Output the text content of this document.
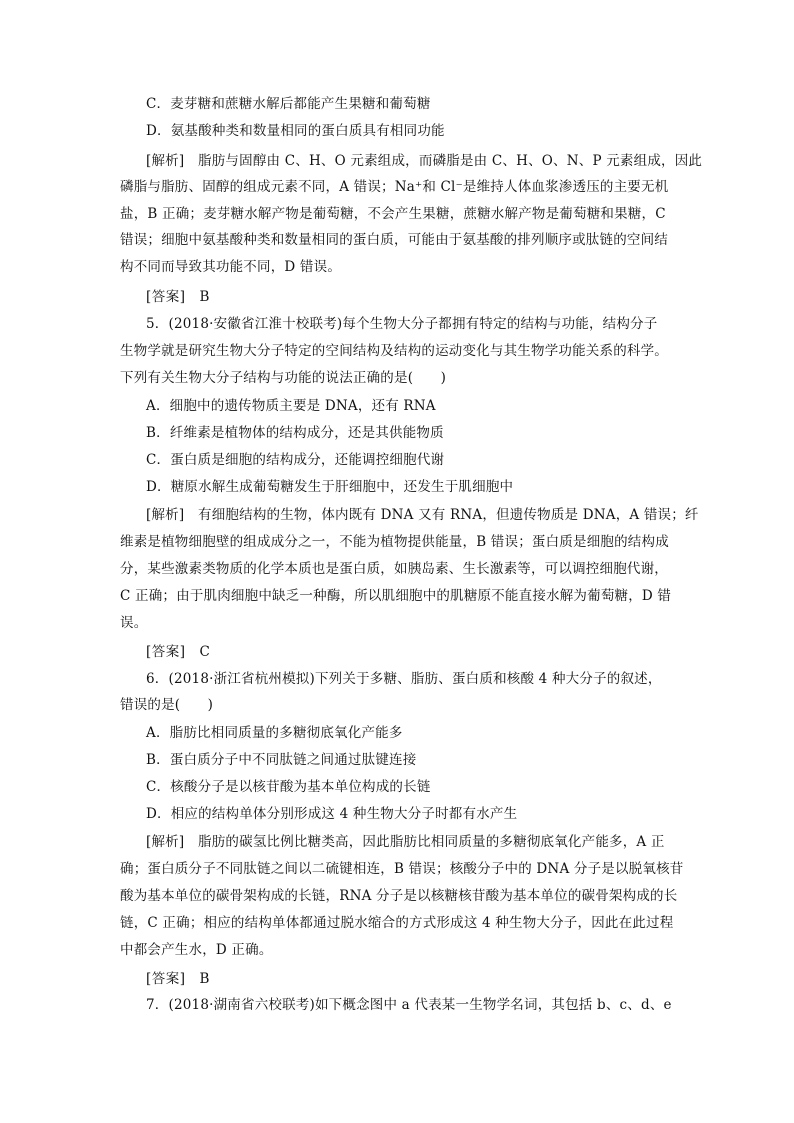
C．麦芽糖和蔗糖水解后都能产生果糖和葡萄糖
D．氨基酸种类和数量相同的蛋白质具有相同功能
[解析]　脂肪与固醇由 C、H、O 元素组成，而磷脂是由 C、H、O、N、P 元素组成，因此
磷脂与脂肪、固醇的组成元素不同，A 错误；Na⁺和 Cl⁻是维持人体血浆渗透压的主要无机
盐，B 正确；麦芽糖水解产物是葡萄糖，不会产生果糖，蔗糖水解产物是葡萄糖和果糖，C
错误；细胞中氨基酸种类和数量相同的蛋白质，可能由于氨基酸的排列顺序或肽链的空间结
构不同而导致其功能不同，D 错误。
[答案]　B
5．(2018·安徽省江淮十校联考)每个生物大分子都拥有特定的结构与功能，结构分子
生物学就是研究生物大分子特定的空间结构及结构的运动变化与其生物学功能关系的科学。
下列有关生物大分子结构与功能的说法正确的是(　　)
A．细胞中的遗传物质主要是 DNA，还有 RNA
B．纤维素是植物体的结构成分，还是其供能物质
C．蛋白质是细胞的结构成分，还能调控细胞代谢
D．糖原水解生成葡萄糖发生于肝细胞中，还发生于肌细胞中
[解析]　有细胞结构的生物，体内既有 DNA 又有 RNA，但遗传物质是 DNA，A 错误；纤
维素是植物细胞壁的组成成分之一，不能为植物提供能量，B 错误；蛋白质是细胞的结构成
分，某些激素类物质的化学本质也是蛋白质，如胰岛素、生长激素等，可以调控细胞代谢，
C 正确；由于肌肉细胞中缺乏一种酶，所以肌细胞中的肌糖原不能直接水解为葡萄糖，D 错
误。
[答案]　C
6．(2018·浙江省杭州模拟)下列关于多糖、脂肪、蛋白质和核酸 4 种大分子的叙述，
错误的是(　　)
A．脂肪比相同质量的多糖彻底氧化产能多
B．蛋白质分子中不同肽链之间通过肽键连接
C．核酸分子是以核苷酸为基本单位构成的长链
D．相应的结构单体分别形成这 4 种生物大分子时都有水产生
[解析]　脂肪的碳氢比例比糖类高，因此脂肪比相同质量的多糖彻底氧化产能多，A 正
确；蛋白质分子不同肽链之间以二硫键相连，B 错误；核酸分子中的 DNA 分子是以脱氧核苷
酸为基本单位的碳骨架构成的长链，RNA 分子是以核糖核苷酸为基本单位的碳骨架构成的长
链，C 正确；相应的结构单体都通过脱水缩合的方式形成这 4 种生物大分子，因此在此过程
中都会产生水，D 正确。
[答案]　B
7．(2018·湖南省六校联考)如下概念图中 a 代表某一生物学名词，其包括 b、c、d、e
